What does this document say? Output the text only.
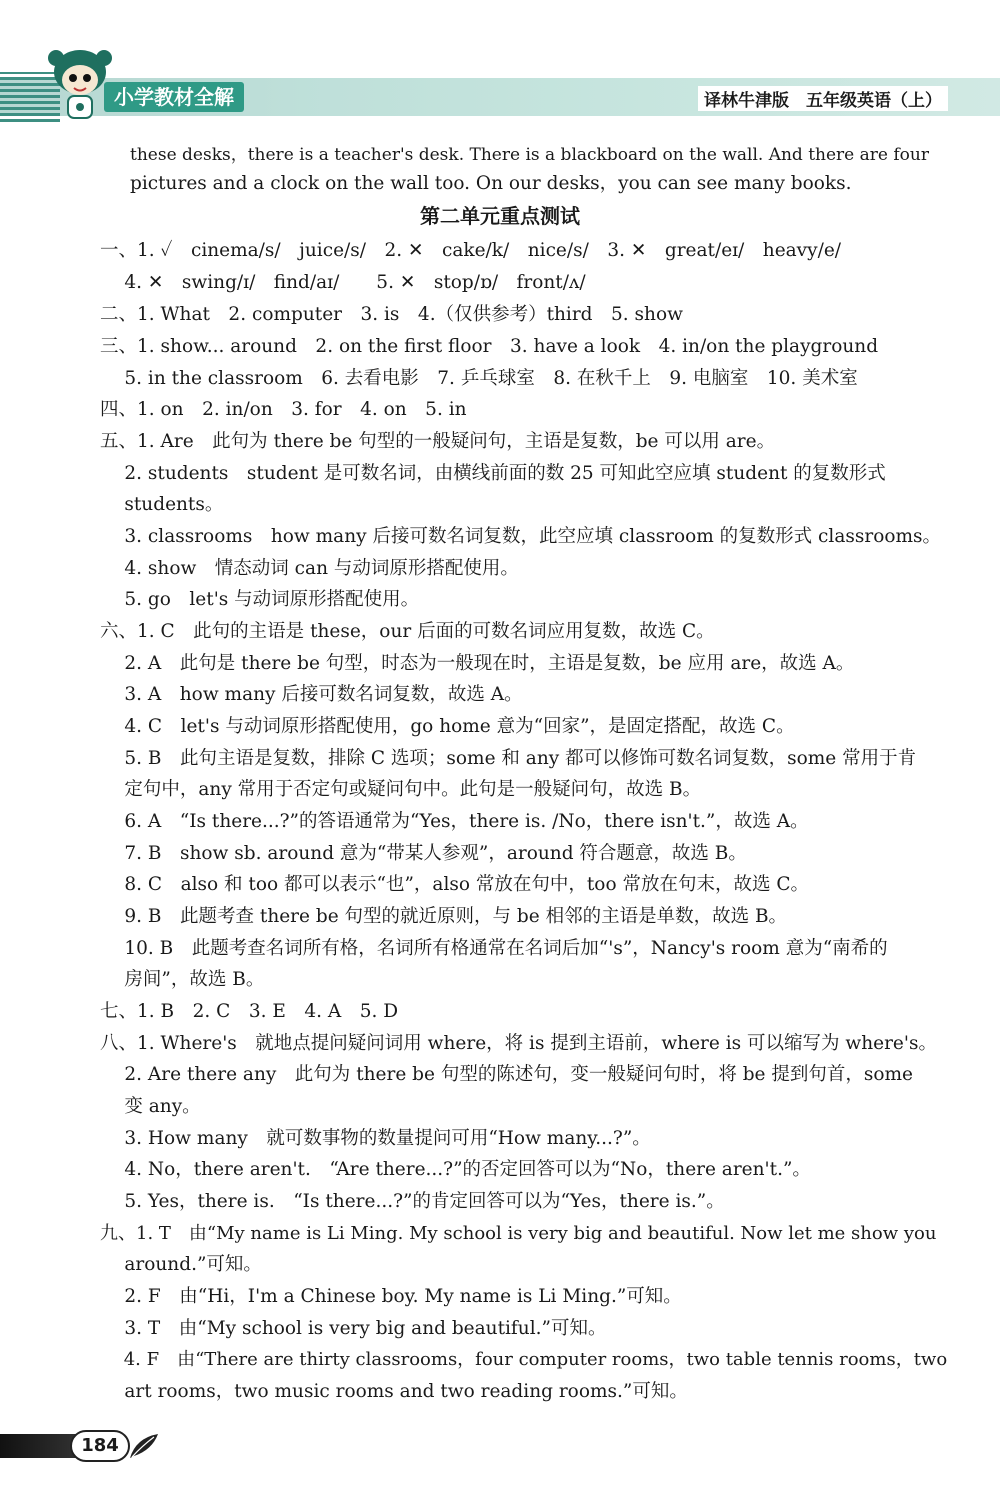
小学教材全解	译林牛津版　五年级英语（上）
these desks，there is a teacher's desk. There is a blackboard on the wall. And there are four
pictures and a clock on the wall too. On our desks，you can see many books.
第二单元重点测试
一、1. ✓　cinema/s/　juice/s/　2. ✕　cake/k/　nice/s/　3. ✕　great/eɪ/　heavy/e/
　 4. ✕　swing/ɪ/　find/aɪ/　　5. ✕　stop/ɒ/　front/ʌ/
二、1. What　2. computer　3. is　4.（仅供参考）third　5. show
三、1. show... around　2. on the first floor　3. have a look　4. in/on the playground
　 5. in the classroom　6. 去看电影　7. 乒乓球室　8. 在秋千上　9. 电脑室　10. 美术室
四、1. on　2. in/on　3. for　4. on　5. in
五、1. Are　此句为 there be 句型的一般疑问句，主语是复数，be 可以用 are。
　 2. students　student 是可数名词，由横线前面的数 25 可知此空应填 student 的复数形式
　 students。
　 3. classrooms　how many 后接可数名词复数，此空应填 classroom 的复数形式 classrooms。
　 4. show　情态动词 can 与动词原形搭配使用。
　 5. go　let's 与动词原形搭配使用。
六、1. C　此句的主语是 these，our 后面的可数名词应用复数，故选 C。
　 2. A　此句是 there be 句型，时态为一般现在时，主语是复数，be 应用 are，故选 A。
　 3. A　how many 后接可数名词复数，故选 A。
　 4. C　let's 与动词原形搭配使用，go home 意为“回家”，是固定搭配，故选 C。
　 5. B　此句主语是复数，排除 C 选项；some 和 any 都可以修饰可数名词复数，some 常用于肯
　 定句中，any 常用于否定句或疑问句中。此句是一般疑问句，故选 B。
　 6. A　“Is there...?”的答语通常为“Yes，there is. /No，there isn't.”，故选 A。
　 7. B　show sb. around 意为“带某人参观”，around 符合题意，故选 B。
　 8. C　also 和 too 都可以表示“也”，also 常放在句中，too 常放在句末，故选 C。
　 9. B　此题考查 there be 句型的就近原则，与 be 相邻的主语是单数，故选 B。
　 10. B　此题考查名词所有格，名词所有格通常在名词后加“'s”，Nancy's room 意为“南希的
　 房间”，故选 B。
七、1. B　2. C　3. E　4. A　5. D
八、1. Where's　就地点提问疑问词用 where，将 is 提到主语前，where is 可以缩写为 where's。
　 2. Are there any　此句为 there be 句型的陈述句，变一般疑问句时，将 be 提到句首，some
　 变 any。
　 3. How many　就可数事物的数量提问可用“How many...?”。
　 4. No，there aren't.　“Are there...?”的否定回答可以为“No，there aren't.”。
　 5. Yes，there is.　“Is there...?”的肯定回答可以为“Yes，there is.”。
九、1. T　由“My name is Li Ming. My school is very big and beautiful. Now let me show you
　 around.”可知。
　 2. F　由“Hi，I'm a Chinese boy. My name is Li Ming.”可知。
　 3. T　由“My school is very big and beautiful.”可知。
　 4. F　由“There are thirty classrooms，four computer rooms，two table tennis rooms，two
　 art rooms，two music rooms and two reading rooms.”可知。
184
